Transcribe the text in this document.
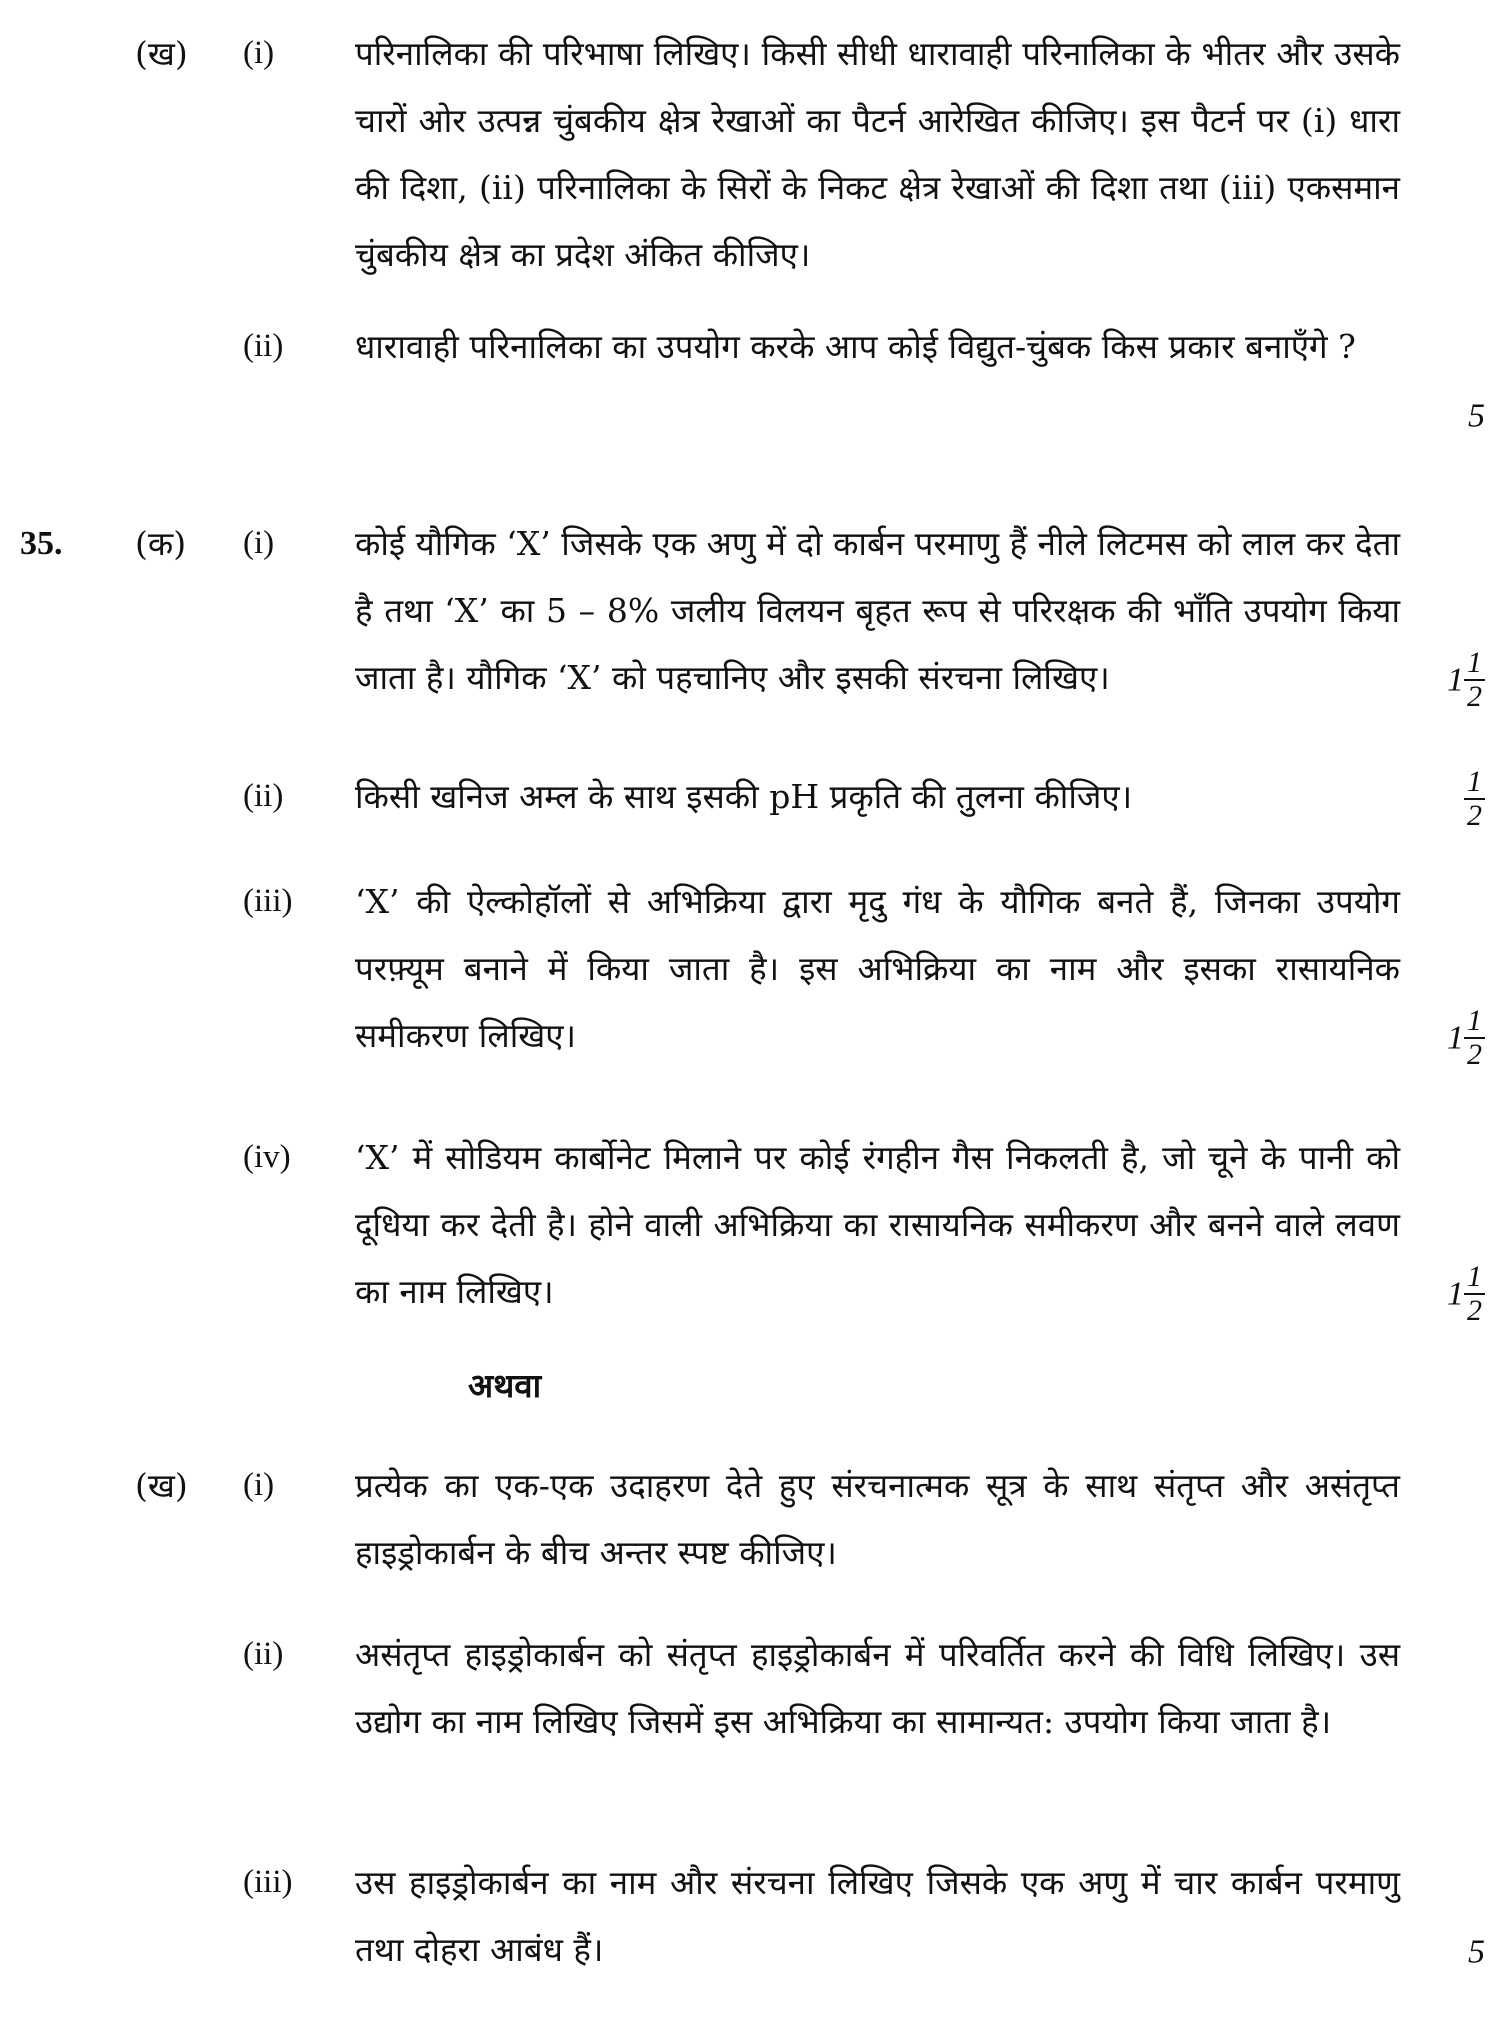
(ख) (i) परिनालिका की परिभाषा लिखिए। किसी सीधी धारावाही परिनालिका के भीतर और उसके चारों ओर उत्पन्न चुंबकीय क्षेत्र रेखाओं का पैटर्न आरेखित कीजिए। इस पैटर्न पर (i) धारा की दिशा, (ii) परिनालिका के सिरों के निकट क्षेत्र रेखाओं की दिशा तथा (iii) एकसमान चुंबकीय क्षेत्र का प्रदेश अंकित कीजिए।
(ii) धारावाही परिनालिका का उपयोग करके आप कोई विद्युत-चुंबक किस प्रकार बनाएँगे ?
5
35. (क) (i) कोई यौगिक ‘X’ जिसके एक अणु में दो कार्बन परमाणु हैं नीले लिटमस को लाल कर देता है तथा ‘X’ का 5 – 8% जलीय विलयन बृहत रूप से परिरक्षक की भाँति उपयोग किया जाता है। यौगिक ‘X’ को पहचानिए और इसकी संरचना लिखिए।	$1 \frac{1}{2}$
(ii) किसी खनिज अम्ल के साथ इसकी pH प्रकृति की तुलना कीजिए।	$\frac{1}{2}$
(iii) ‘X’ की ऐल्कोहॉलों से अभिक्रिया द्वारा मृदु गंध के यौगिक बनते हैं, जिनका उपयोग परफ़्यूम बनाने में किया जाता है। इस अभिक्रिया का नाम और इसका रासायनिक समीकरण लिखिए।	$1 \frac{1}{2}$
(iv) ‘X’ में सोडियम कार्बोनेट मिलाने पर कोई रंगहीन गैस निकलती है, जो चूने के पानी को दूधिया कर देती है। होने वाली अभिक्रिया का रासायनिक समीकरण और बनने वाले लवण का नाम लिखिए।	$1 \frac{1}{2}$
(ख) (i) प्रत्येक का एक-एक उदाहरण देते हुए संरचनात्मक सूत्र के साथ संतृप्त और असंतृप्त हाइड्रोकार्बन के बीच अन्तर स्पष्ट कीजिए।
(ii) असंतृप्त हाइड्रोकार्बन को संतृप्त हाइड्रोकार्बन में परिवर्तित करने की विधि लिखिए। उस उद्योग का नाम लिखिए जिसमें इस अभिक्रिया का सामान्यत: उपयोग किया जाता है।
(iii) उस हाइड्रोकार्बन का नाम और संरचना लिखिए जिसके एक अणु में चार कार्बन परमाणु तथा दोहरा आबंध हैं।	5
अथवा
